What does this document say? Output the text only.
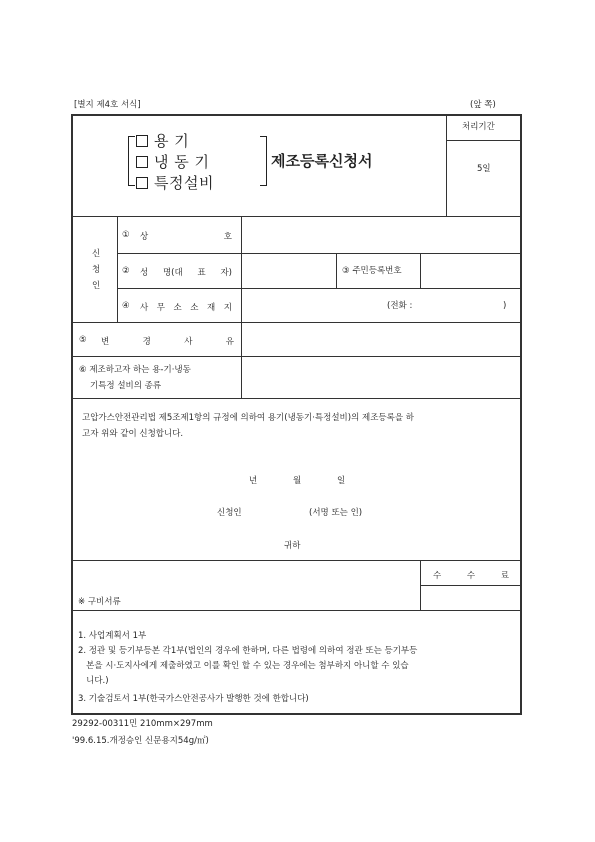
[별지 제4호 서식]	(앞 쪽)
용 기
냉 동 기
특정설비
제조등록신청서
처리기간
5일
신
청
인
① 상	호
② 성 명(대 표 자)	③ 주민등록번호
④ 사 무 소 소 재 지	(전화 :	)
⑤ 변	경	사	유
⑥ 제조하고자 하는 용-기·냉동
기특정 설비의 종류
고압가스안전관리법 제5조제1항의 규정에 의하여 용기(냉동기·특정설비)의 제조등록을 하
고자 위와 같이 신청합니다.
년	월	일
신청인	(서명 또는 인)
귀하
수	수	료
※ 구비서류
1. 사업계획서 1부
2. 정관 및 등기부등본 각1부(법인의 경우에 한하며, 다른 법령에 의하여 정관 또는 등기부등
본을 시·도지사에게 제출하였고 이를 확인 할 수 있는 경우에는 첨부하지 아니할 수 있습
니다.)
3. 기술검토서 1부(한국가스안전공사가 발행한 것에 한합니다)
29292-00311민 210mm×297mm
'99.6.15.개정승인 신문용지54g/㎡)
